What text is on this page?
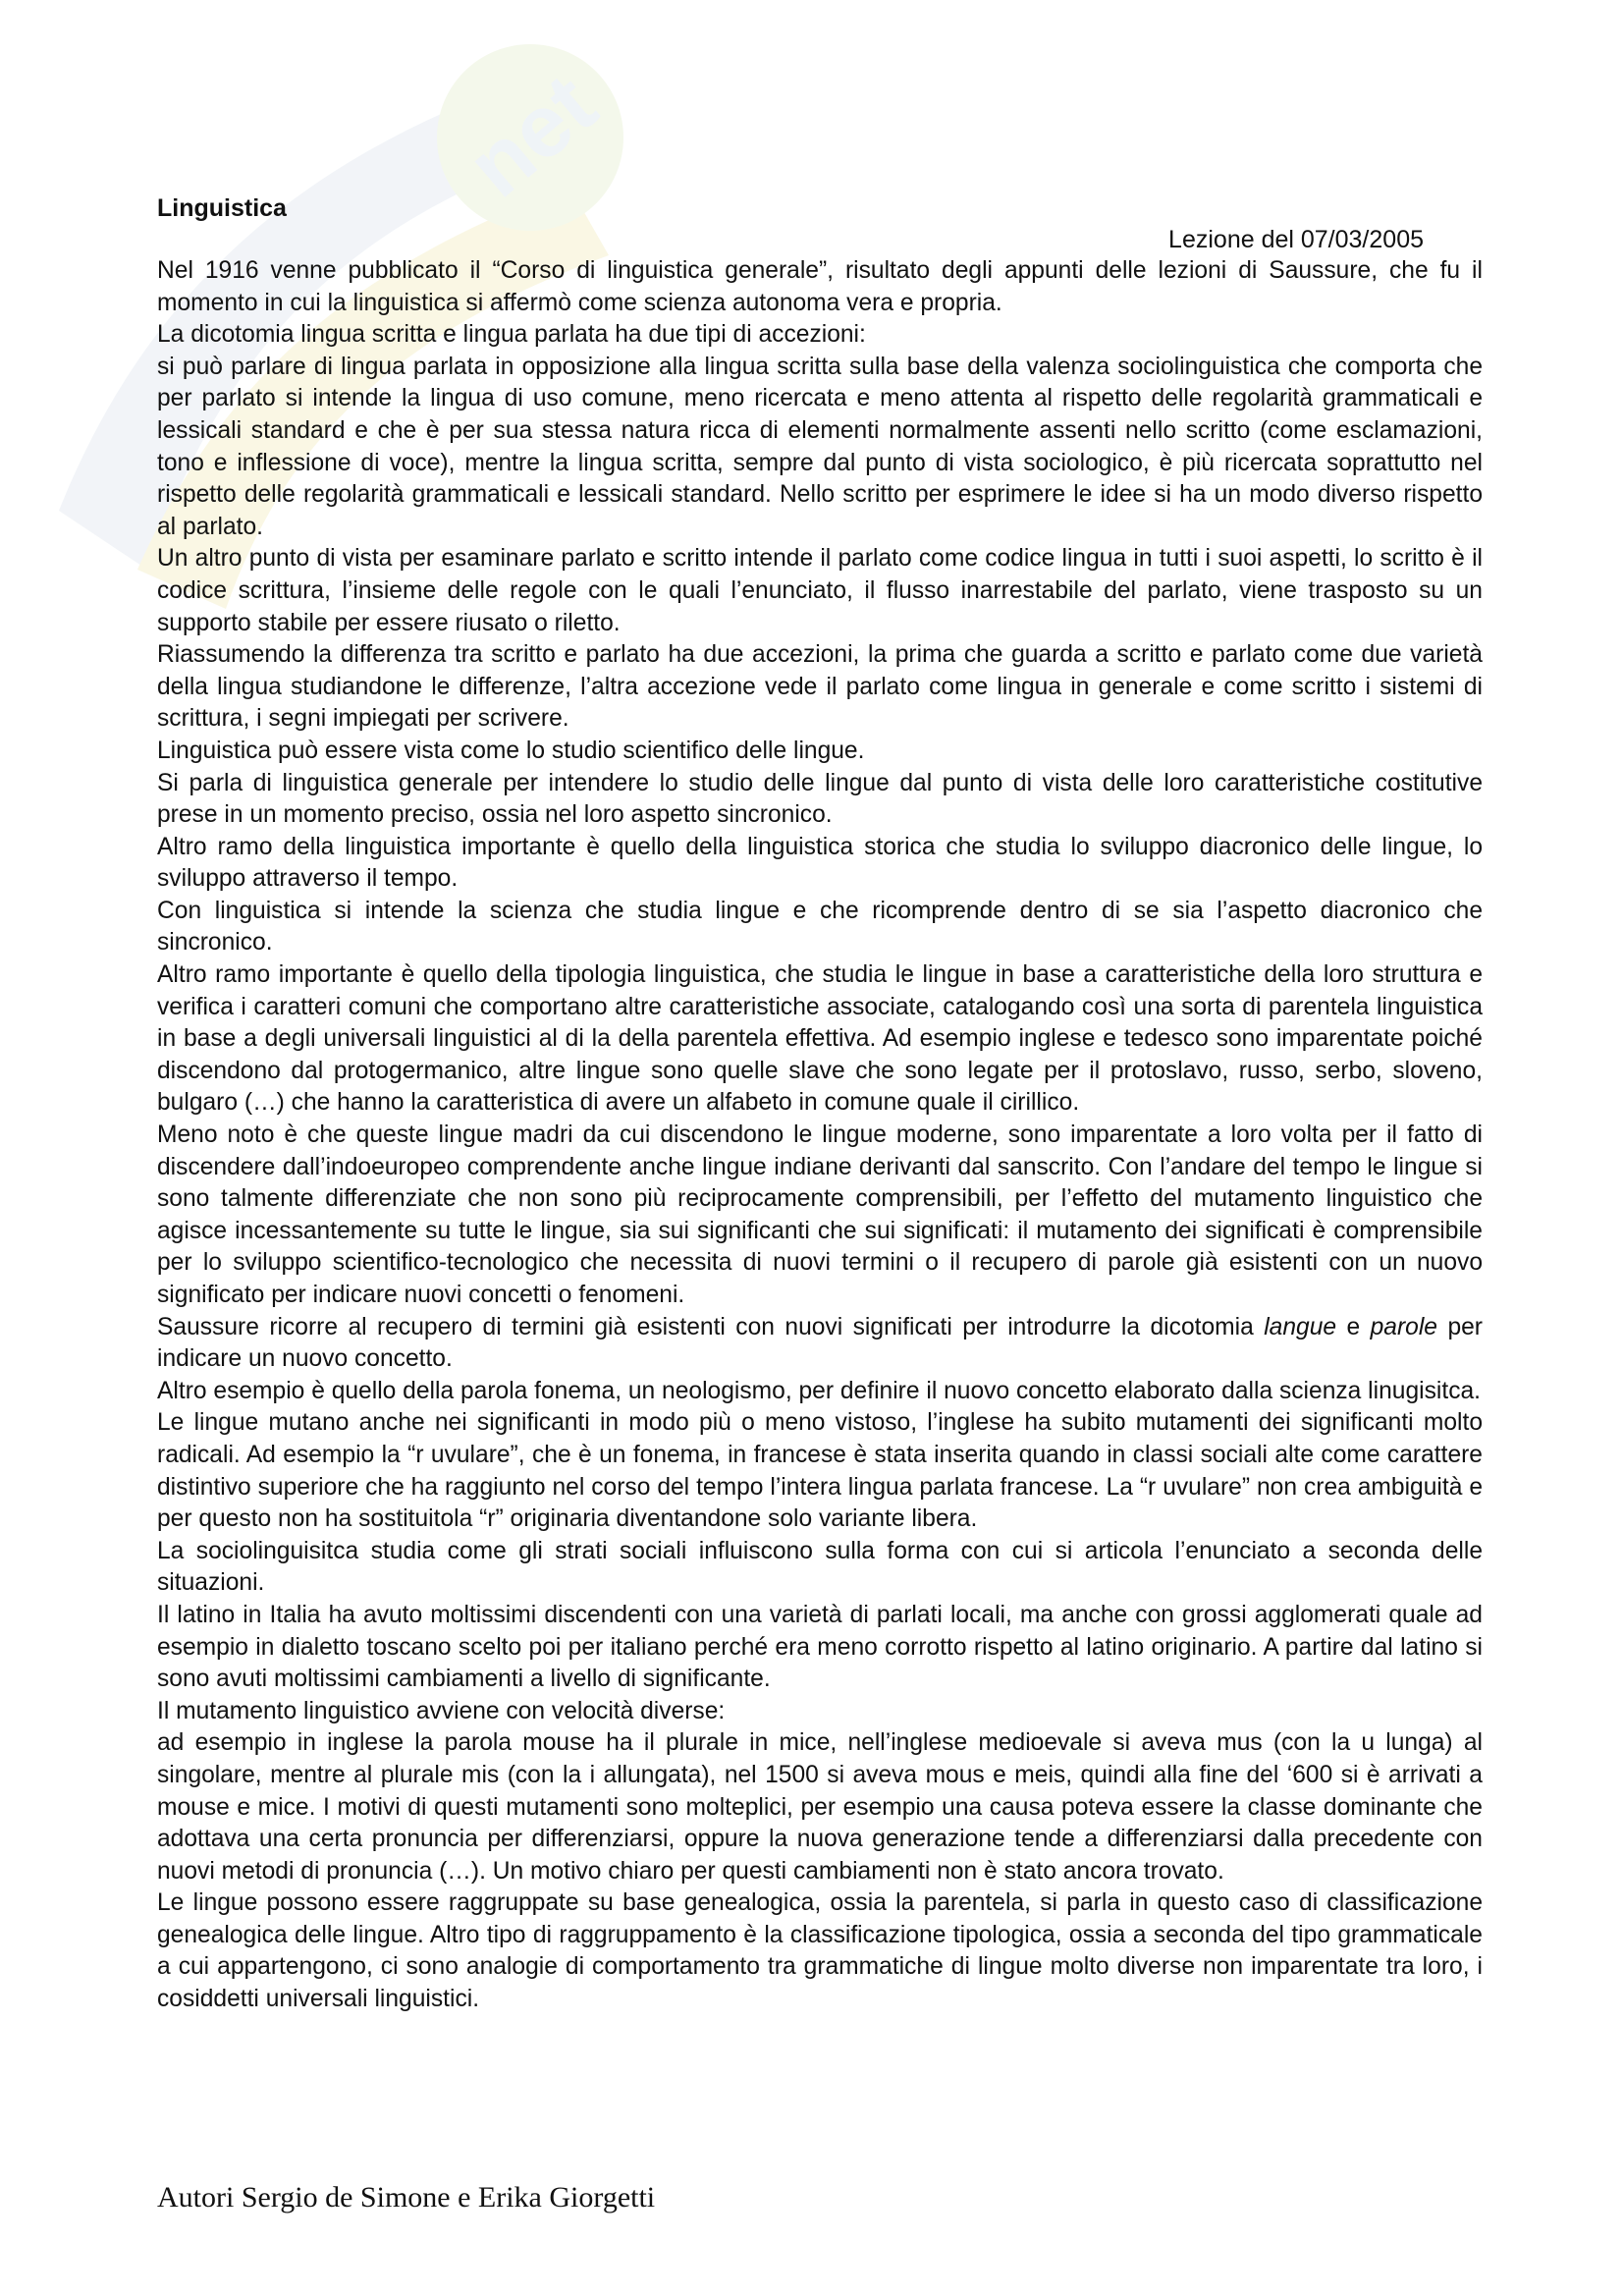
net
Linguistica
Lezione del 07/03/2005

Nel 1916 venne pubblicato il “Corso di linguistica generale”, risultato degli appunti delle lezioni di Saussure, che fu il momento in cui la linguistica si affermò come scienza autonoma vera e propria.

La dicotomia lingua scritta e lingua parlata ha due tipi di accezioni:

si può parlare di lingua parlata in opposizione alla lingua scritta sulla base della valenza sociolinguistica che comporta che per parlato si intende la lingua di uso comune, meno ricercata e meno attenta al rispetto delle regolarità grammaticali e lessicali standard e che è per sua stessa natura ricca di elementi normalmente assenti nello scritto (come esclamazioni, tono e inflessione di voce), mentre la lingua scritta, sempre dal punto di vista sociologico, è più ricercata soprattutto nel rispetto delle regolarità grammaticali e lessicali standard. Nello scritto per esprimere le idee si ha un modo diverso rispetto al parlato.

Un altro punto di vista per esaminare parlato e scritto intende il parlato come codice lingua in tutti i suoi aspetti, lo scritto è il codice scrittura, l’insieme delle regole con le quali l’enunciato, il flusso inarrestabile del parlato, viene trasposto su un supporto stabile per essere riusato o riletto.

Riassumendo la differenza tra scritto e parlato ha due accezioni, la prima che guarda a scritto e parlato come due varietà della lingua studiandone le differenze, l’altra accezione vede il parlato come lingua in generale e come scritto i sistemi di scrittura, i segni impiegati per scrivere.

Linguistica può essere vista come lo studio scientifico delle lingue.

Si parla di linguistica generale per intendere lo studio delle lingue dal punto di vista delle loro caratteristiche costitutive prese in un momento preciso, ossia nel loro aspetto sincronico.

Altro ramo della linguistica importante è quello della linguistica storica che studia lo sviluppo diacronico delle lingue, lo sviluppo attraverso il tempo.

Con linguistica si intende la scienza che studia lingue e che ricomprende dentro di se sia l’aspetto diacronico che sincronico.

Altro ramo importante è quello della tipologia linguistica, che studia le lingue in base a caratteristiche della loro struttura e verifica i caratteri comuni che comportano altre caratteristiche associate, catalogando così una sorta di parentela linguistica in base a degli universali linguistici al di la della parentela effettiva. Ad esempio inglese e tedesco sono imparentate poiché discendono dal protogermanico, altre lingue sono quelle slave che sono legate per il protoslavo, russo, serbo, sloveno, bulgaro (…) che hanno la caratteristica di avere un alfabeto in comune quale il cirillico.

Meno noto è che queste lingue madri da cui discendono le lingue moderne, sono imparentate a loro volta per il fatto di discendere dall’indoeuropeo comprendente anche lingue indiane derivanti dal sanscrito. Con l’andare del tempo le lingue si sono talmente differenziate che non sono più reciprocamente comprensibili, per l’effetto del mutamento linguistico che agisce incessantemente su tutte le lingue, sia sui significanti che sui significati: il mutamento dei significati è comprensibile per lo sviluppo scientifico-tecnologico che necessita di nuovi termini o il recupero di parole già esistenti con un nuovo significato per indicare nuovi concetti o fenomeni.

Saussure ricorre al recupero di termini già esistenti con nuovi significati per introdurre la dicotomia langue e parole per indicare un nuovo concetto.

Altro esempio è quello della parola fonema, un neologismo, per definire il nuovo concetto elaborato dalla scienza linugisitca.

Le lingue mutano anche nei significanti in modo più o meno vistoso, l’inglese ha subito mutamenti dei significanti molto radicali. Ad esempio la “r uvulare”, che è un fonema, in francese è stata inserita quando in classi sociali alte come carattere distintivo superiore che ha raggiunto nel corso del tempo l’intera lingua parlata francese. La “r uvulare” non crea ambiguità e per questo non ha sostituitola “r” originaria diventandone solo variante libera.

La sociolinguisitca studia come gli strati sociali influiscono sulla forma con cui si articola l’enunciato a seconda delle situazioni.

Il latino in Italia ha avuto moltissimi discendenti con una varietà di parlati locali, ma anche con grossi agglomerati quale ad esempio in dialetto toscano scelto poi per italiano perché era meno corrotto rispetto al latino originario. A partire dal latino si sono avuti moltissimi cambiamenti a livello di significante.

Il mutamento linguistico avviene con velocità diverse:

ad esempio in inglese la parola mouse ha il plurale in mice, nell’inglese medioevale si aveva mus (con la u lunga) al singolare, mentre al plurale mis (con la i allungata), nel 1500 si aveva mous e meis, quindi alla fine del ‘600 si è arrivati a mouse e mice. I motivi di questi mutamenti sono molteplici, per esempio una causa poteva essere la classe dominante che adottava una certa pronuncia per differenziarsi, oppure la nuova generazione tende a differenziarsi dalla precedente con nuovi metodi di pronuncia (…). Un motivo chiaro per questi cambiamenti non è stato ancora trovato.

Le lingue possono essere raggruppate su base genealogica, ossia la parentela, si parla in questo caso di classificazione genealogica delle lingue. Altro tipo di raggruppamento è la classificazione tipologica, ossia a seconda del tipo grammaticale a cui appartengono, ci sono analogie di comportamento tra grammatiche di lingue molto diverse non imparentate tra loro, i cosiddetti universali linguistici.

Autori Sergio de Simone e Erika Giorgetti
